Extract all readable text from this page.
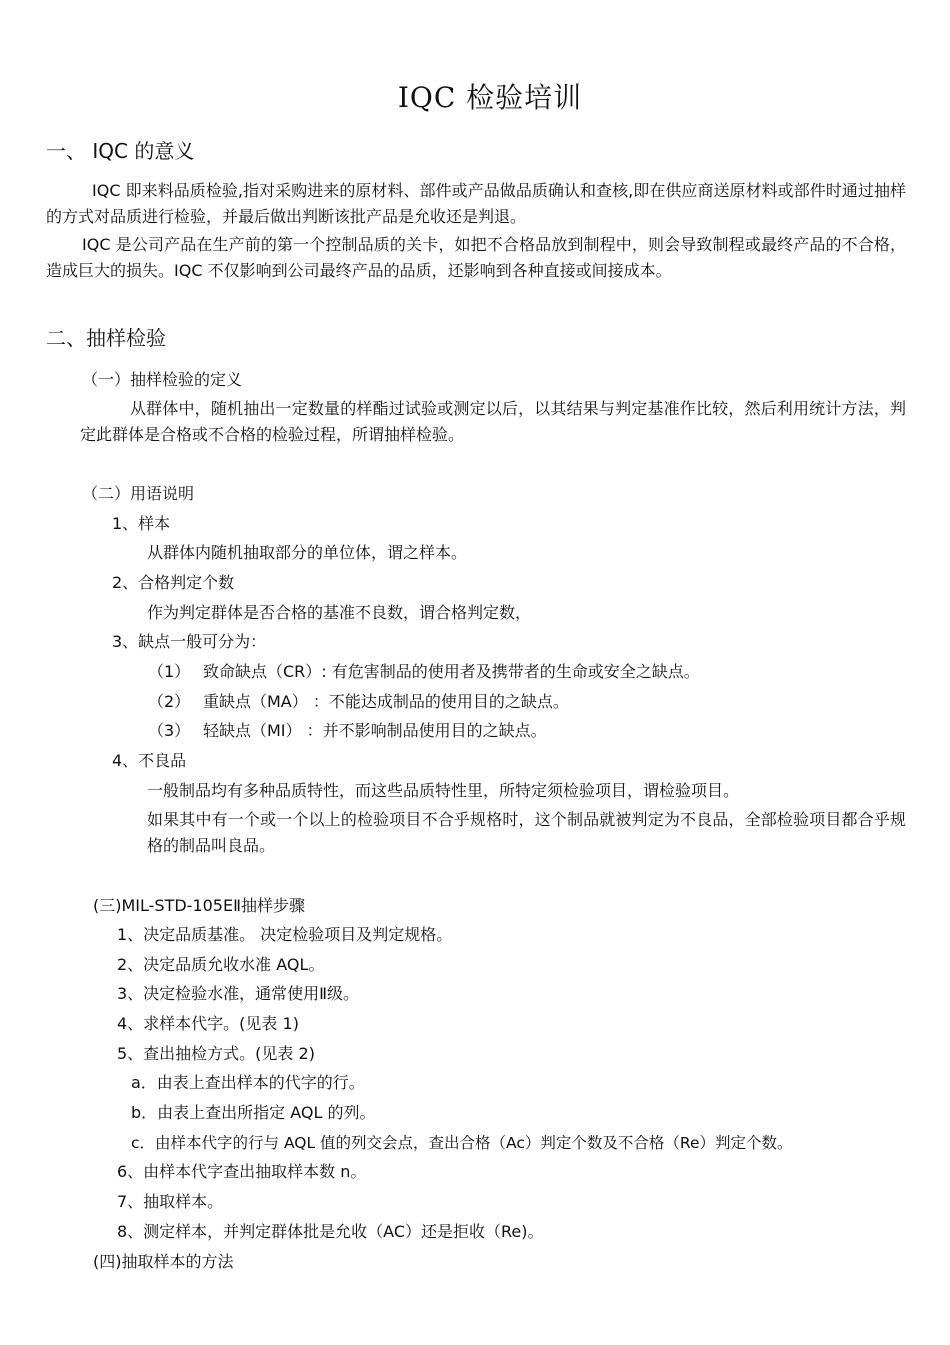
IQC 检验培训
一、 IQC 的意义
IQC 即来料品质检验,指对采购进来的原材料、部件或产品做品质确认和查核,即在供应商送原材料或部件时通过抽样的方式对品质进行检验，并最后做出判断该批产品是允收还是判退。
IQC 是公司产品在生产前的第一个控制品质的关卡，如把不合格品放到制程中，则会导致制程或最终产品的不合格，造成巨大的损失。IQC 不仅影响到公司最终产品的品质，还影响到各种直接或间接成本。
二、抽样检验
（一）抽样检验的定义
从群体中，随机抽出一定数量的样酯过试验或测定以后，以其结果与判定基准作比较，然后利用统计方法，判定此群体是合格或不合格的检验过程，所谓抽样检验。
（二）用语说明
1、样本
从群体内随机抽取部分的单位体，谓之样本。
2、合格判定个数
作为判定群体是否合格的基准不良数，谓合格判定数，
3、缺点一般可分为：
（1） 致命缺点（CR）: 有危害制品的使用者及携带者的生命或安全之缺点。
（2） 重缺点（MA） ：不能达成制品的使用目的之缺点。
（3） 轻缺点（MI） ：并不影响制品使用目的之缺点。
4、不良品
一般制品均有多种品质特性，而这些品质特性里，所特定须检验项目，谓检验项目。
如果其中有一个或一个以上的检验项目不合乎规格时，这个制品就被判定为不良品，全部检验项目都合乎规格的制品叫良品。
(三)MIL-STD-105EⅡ抽样步骤
1、决定品质基准。 决定检验项目及判定规格。
2、决定品质允收水准 AQL。
3、决定检验水准，通常使用Ⅱ级。
4、求样本代字。(见表 1)
5、查出抽检方式。(见表 2)
a．由表上查出样本的代字的行。
b．由表上查出所指定 AQL 的列。
c．由样本代字的行与 AQL 值的列交会点，查出合格（Ac）判定个数及不合格（Re）判定个数。
6、由样本代字查出抽取样本数 n。
7、抽取样本。
8、测定样本，并判定群体批是允收（AC）还是拒收（Re)。
(四)抽取样本的方法
